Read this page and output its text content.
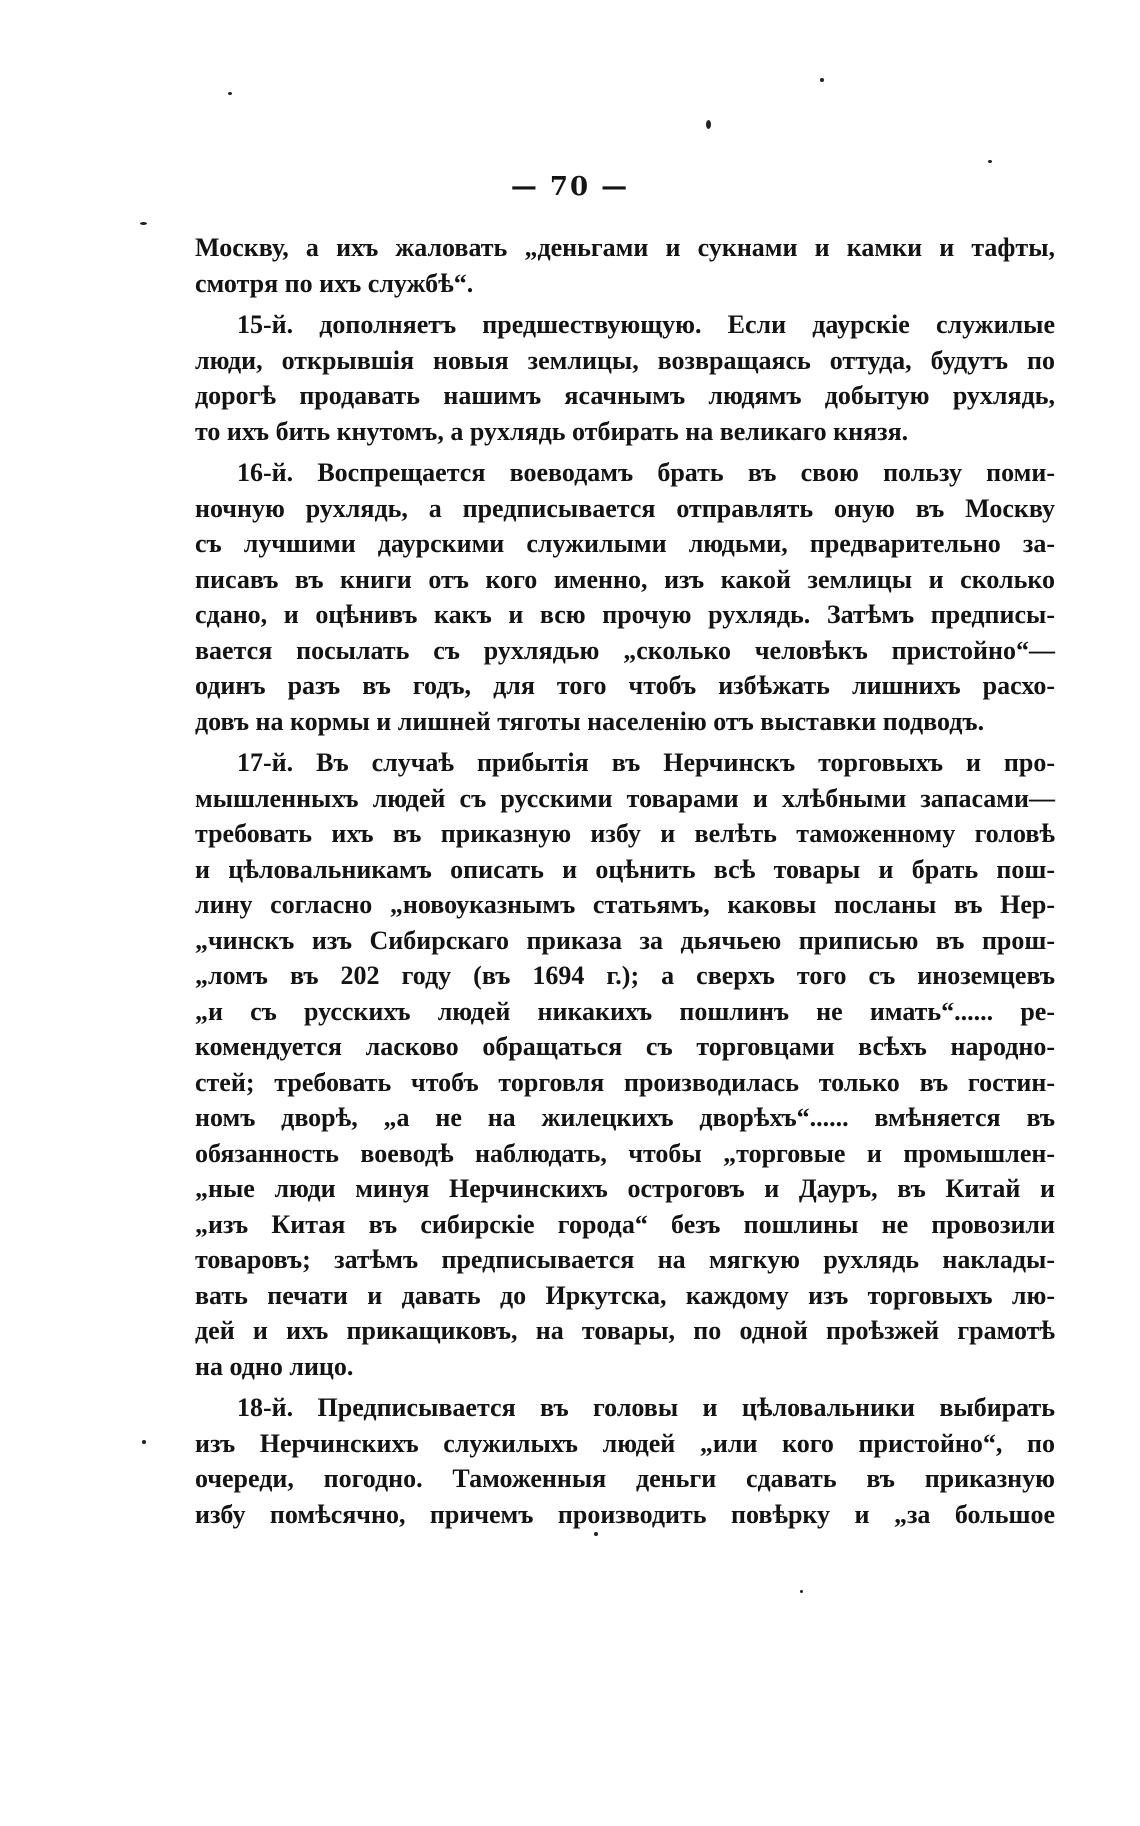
— 70 —
Москву, а ихъ жаловать „деньгами и сукнами и камки и тафты,
смотря по ихъ службѣ“.
15-й. дополняетъ предшествующую. Если даурскіе служилые
люди, открывшія новыя землицы, возвращаясь оттуда, будутъ по
дорогѣ продавать нашимъ ясачнымъ людямъ добытую рухлядь,
то ихъ бить кнутомъ, а рухлядь отбирать на великаго князя.
16-й. Воспрещается воеводамъ брать въ свою пользу поми-
ночную рухлядь, а предписывается отправлять оную въ Москву
съ лучшими даурскими служилыми людьми, предварительно за-
писавъ въ книги отъ кого именно, изъ какой землицы и сколько
сдано, и оцѣнивъ какъ и всю прочую рухлядь. Затѣмъ предписы-
вается посылать съ рухлядью „сколько человѣкъ пристойно“—
одинъ разъ въ годъ, для того чтобъ избѣжать лишнихъ расхо-
довъ на кормы и лишней тяготы населенію отъ выставки подводъ.
17-й. Въ случаѣ прибытія въ Нерчинскъ торговыхъ и про-
мышленныхъ людей съ русскими товарами и хлѣбными запасами—
требовать ихъ въ приказную избу и велѣть таможенному головѣ
и цѣловальникамъ описать и оцѣнить всѣ товары и брать пош-
лину согласно „новоуказнымъ статьямъ, каковы посланы въ Нер-
„чинскъ изъ Сибирскаго приказа за дьячьею приписью въ прош-
„ломъ въ 202 году (въ 1694 г.); а сверхъ того съ иноземцевъ
„и съ русскихъ людей никакихъ пошлинъ не имать“...... ре-
комендуется ласково обращаться съ торговцами всѣхъ народно-
стей; требовать чтобъ торговля производилась только въ гостин-
номъ дворѣ, „а не на жилецкихъ дворѣхъ“...... вмѣняется въ
обязанность воеводѣ наблюдать, чтобы „торговые и промышлен-
„ные люди минуя Нерчинскихъ остроговъ и Дауръ, въ Китай и
„изъ Китая въ сибирскіе города“ безъ пошлины не провозили
товаровъ; затѣмъ предписывается на мягкую рухлядь наклады-
вать печати и давать до Иркутска, каждому изъ торговыхъ лю-
дей и ихъ прикащиковъ, на товары, по одной проѣзжей грамотѣ
на одно лицо.
18-й. Предписывается въ головы и цѣловальники выбирать
изъ Нерчинскихъ служилыхъ людей „или кого пристойно“, по
очереди, погодно. Таможенныя деньги сдавать въ приказную
избу помѣсячно, причемъ производить повѣрку и „за большое
